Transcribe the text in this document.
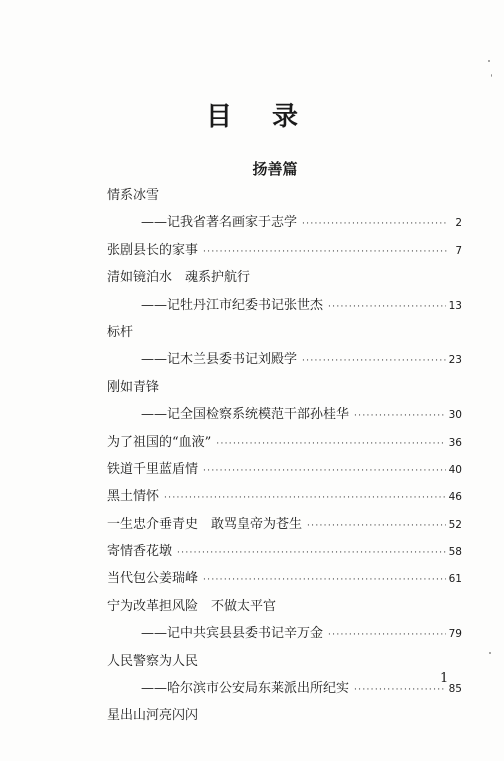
目 录
扬善篇
情系冰雪
——记我省著名画家于志学 ·····	2
张剧县长的家事 ·····	7
清如镜泊水　魂系护航行
——记牡丹江市纪委书记张世杰 ·····	13
标杆
——记木兰县委书记刘殿学 ·····	23
刚如青锋
——记全国检察系统模范干部孙桂华 ·····	30
为了祖国的“血液” ·····	36
铁道千里蓝盾情 ·····	40
黑土情怀 ·····	46
一生忠介垂青史　敢骂皇帝为苍生 ·····	52
寄情香花墩 ·····	58
当代包公姜瑞峰 ·····	61
宁为改革担风险　不做太平官
——记中共宾县县委书记辛万金 ·····	79
人民警察为人民
——哈尔滨市公安局东莱派出所纪实 ·····	85
星出山河亮闪闪
1
